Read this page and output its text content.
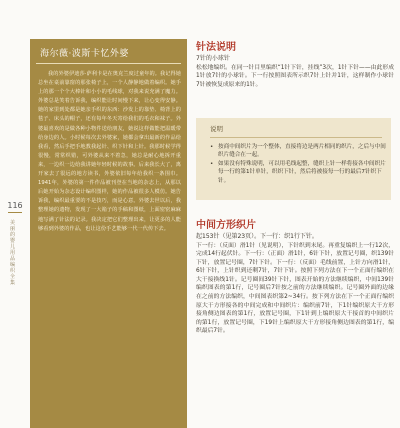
海尔薇·波斯卡忆外婆

我的外婆伊迪莎·萨利卡是在奥克兰度过童年的。我记得她总坐在桌前靠窗的那张椅子上，一个人静静地做着编织。她手上的那一个个大棒针和小小的毛线球，对我来说充满了魔力。外婆总是笑着告诉我，编织能让时间慢下来，让心变得安静。她的家里到处都是她亲手织的东西：沙发上的靠垫、椅背上的毯子、床头的帽子，还有每年冬天寄给我们的毛衣和袜子。外婆最喜欢的是做各种小物件送给朋友，她说这样做能把温暖带给身边的人。小时候每次去外婆家，她都会拿出最新的作品给我看，然后手把手地教我起针、织下针和上针。我那时候学得很慢，常常织错，可外婆从来不着急，她总是耐心地拆开重来，一边织一边给我讲她年轻时候的故事。后来我长大了，离开家去了很远的地方读书，外婆依旧每年给我织一条围巾。1941年，外婆的第一件作品被刊登在当地的杂志上，从那以后她开始为杂志设计编织图样，她的作品被很多人模仿。她告诉我，编织最重要的不是技巧，而是心意。外婆去世以后，我整理她的遗物，发现了一大箱子的手稿和图纸，上面密密麻麻地写满了针法的记录。我决定把它们整理出来，让更多的人能够看到外婆的作品，也让这份手艺能够一代一代传下去。

116
美丽的婴儿用品编织全集

针法说明

7针的小球针

松松地编织。在同一针目里编织“1针下针，挂线”3次，1针下针——由此形成1针放7针的小球针。下一行按照图表所示织7针上针并1针，这样制作小球针7针被恢复成原来的1针。

说明
• 按商中间织片为一个整体，直接将边是两片相同的织片，之后与中间织片缝合在一起。
• 如果没有特殊说明，可以用毛线起整，缝织上针一样将接各中间织片每一行的第1针单针，织织下针，然后将被接每一行的最后7针织下针。

中间方形织片

起153针（见第23页）。下一行：织1行下针。

下一行：（反面）滑1针（见说明），下针织到末尾。再重复编织上一行12次，完成14行起伏针。下一行：（正面）滑1针，6针下针，放置记号圈，织139针下针，放置记号圈，7针下针。下一行：（反面）毛线前置，上针方向滑1针，6针下针，上针织到还剩7针，7针下针。按照下列方法在下一个正面行编织在大干接换线1针。记号圈间39针下针，图表开始的方法继续编织，中间139针编织图表的第1行，记号圈后7针按之前的方法继续编织。记号圈外面的边缘在之前的方法编织，中间图表织第2~34行。按下列方法在下一个正面行编织原大干方形接各的中间完成和中间织片：编织前7针，下1针编织原大干方形接角侧边图表的第1行，放置记号圈，下1针到上编织原大干接首的中间织片的第1行，放置记号圈，下19针上编织原大干方形接角侧边图表的第1行，编织最后7针。
